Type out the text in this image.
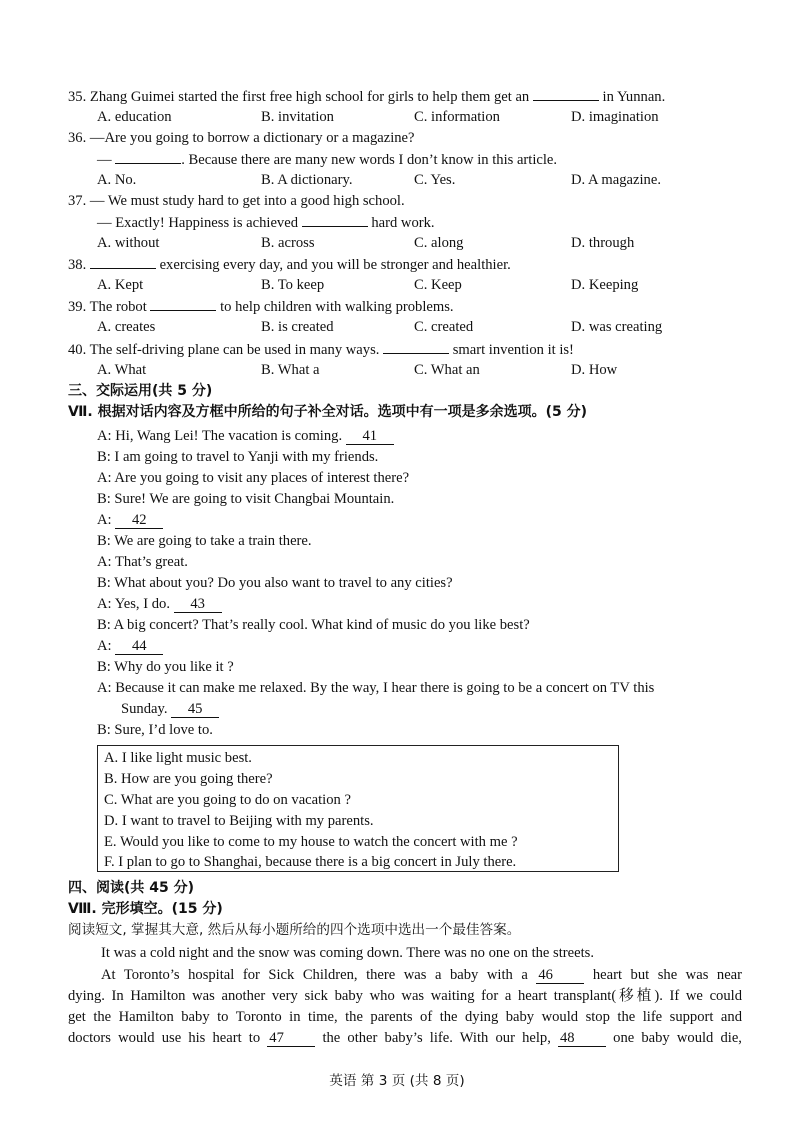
35. Zhang Guimei started the first free high school for girls to help them get an	in Yunnan.
A. education	B. invitation	C. information	D. imagination
36. —Are you going to borrow a dictionary or a magazine?
—	. Because there are many new words I don’t know in this article.
A. No.	B. A dictionary.	C. Yes.	D. A magazine.
37. — We must study hard to get into a good high school.
— Exactly! Happiness is achieved	hard work.
A. without	B. across	C. along	D. through
38.	exercising every day, and you will be stronger and healthier.
A. Kept	B. To keep	C. Keep	D. Keeping
39. The robot	to help children with walking problems.
A. creates	B. is created	C. created	D. was creating
40. The self-driving plane can be used in many ways.	smart invention it is!
A. What	B. What a	C. What an	D. How
三、交际运用(共 5 分)
Ⅶ. 根据对话内容及方框中所给的句子补全对话。选项中有一项是多余选项。(5 分)
A: Hi, Wang Lei! The vacation is coming. 41
B: I am going to travel to Yanji with my friends.
A: Are you going to visit any places of interest there?
B: Sure! We are going to visit Changbai Mountain.
A: 42
B: We are going to take a train there.
A: That’s great.
B: What about you? Do you also want to travel to any cities?
A: Yes, I do. 43
B: A big concert? That’s really cool. What kind of music do you like best?
A: 44
B: Why do you like it ?
A: Because it can make me relaxed. By the way, I hear there is going to be a concert on TV this
Sunday. 45
B: Sure, I’d love to.
A. I like light music best.
B. How are you going there?
C. What are you going to do on vacation ?
D. I want to travel to Beijing with my parents.
E. Would you like to come to my house to watch the concert with me ?
F. I plan to go to Shanghai, because there is a big concert in July there.
四、阅读(共 45 分)
Ⅷ. 完形填空。(15 分)
阅读短文, 掌握其大意, 然后从每小题所给的四个选项中选出一个最佳答案。
It was a cold night and the snow was coming down. There was no one on the streets.
At Toronto’s hospital for Sick Children, there was a baby with a 46	heart but she was near
dying. In Hamilton was another very sick baby who was waiting for a heart transplant(移植). If we could
get the Hamilton baby to Toronto in time, the parents of the dying baby would stop the life support and
doctors would use his heart to 47	the other baby’s life. With our help, 48	one baby would die,
英语 第 3 页 (共 8 页)
